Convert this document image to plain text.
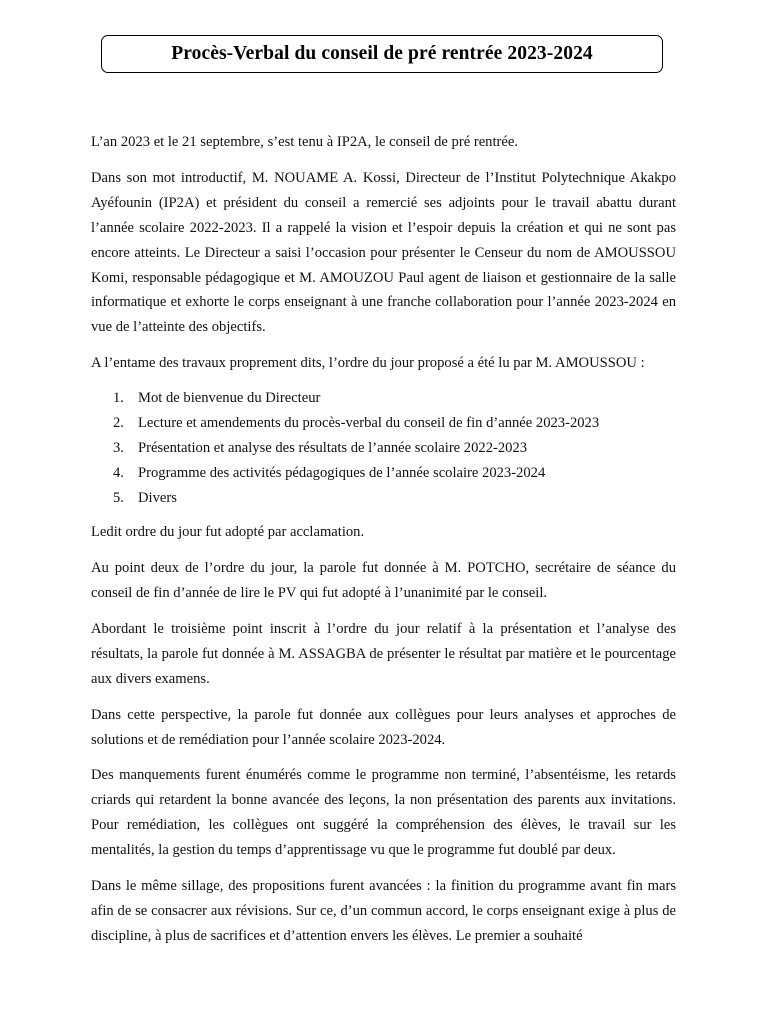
Procès-Verbal du conseil de pré rentrée 2023-2024

L’an 2023 et le 21 septembre, s’est tenu à IP2A, le conseil de pré rentrée.

Dans son mot introductif, M. NOUAME A. Kossi, Directeur de l’Institut Polytechnique Akakpo Ayéfounin (IP2A) et président du conseil a remercié ses adjoints pour le travail abattu durant l’année scolaire 2022-2023. Il a rappelé la vision et l’espoir depuis la création et qui ne sont pas encore atteints. Le Directeur a saisi l’occasion pour présenter le Censeur du nom de AMOUSSOU Komi, responsable pédagogique et M. AMOUZOU Paul agent de liaison et gestionnaire de la salle informatique et exhorte le corps enseignant à une franche collaboration pour l’année 2023-2024 en vue de l’atteinte des objectifs.

A l’entame des travaux proprement dits, l’ordre du jour proposé a été lu par M. AMOUSSOU :

1. Mot de bienvenue du Directeur
2. Lecture et amendements du procès-verbal du conseil de fin d’année 2023-2023
3. Présentation et analyse des résultats de l’année scolaire 2022-2023
4. Programme des activités pédagogiques de l’année scolaire 2023-2024
5. Divers

Ledit ordre du jour fut adopté par acclamation.

Au point deux de l’ordre du jour, la parole fut donnée à M. POTCHO, secrétaire de séance du conseil de fin d’année de lire le PV qui fut adopté à l’unanimité par le conseil.

Abordant le troisième point inscrit à l’ordre du jour relatif à la présentation et l’analyse des résultats, la parole fut donnée à M. ASSAGBA de présenter le résultat par matière et le pourcentage aux divers examens.

Dans cette perspective, la parole fut donnée aux collègues pour leurs analyses et approches de solutions et de remédiation pour l’année scolaire 2023-2024.

Des manquements furent énumérés comme le programme non terminé, l’absentéisme, les retards criards qui retardent la bonne avancée des leçons, la non présentation des parents aux invitations. Pour remédiation, les collègues ont suggéré la compréhension des élèves, le travail sur les mentalités, la gestion du temps d’apprentissage vu que le programme fut doublé par deux.

Dans le même sillage, des propositions furent avancées : la finition du programme avant fin mars afin de se consacrer aux révisions. Sur ce, d’un commun accord, le corps enseignant exige à plus de discipline, à plus de sacrifices et d’attention envers les élèves. Le premier a souhaité
